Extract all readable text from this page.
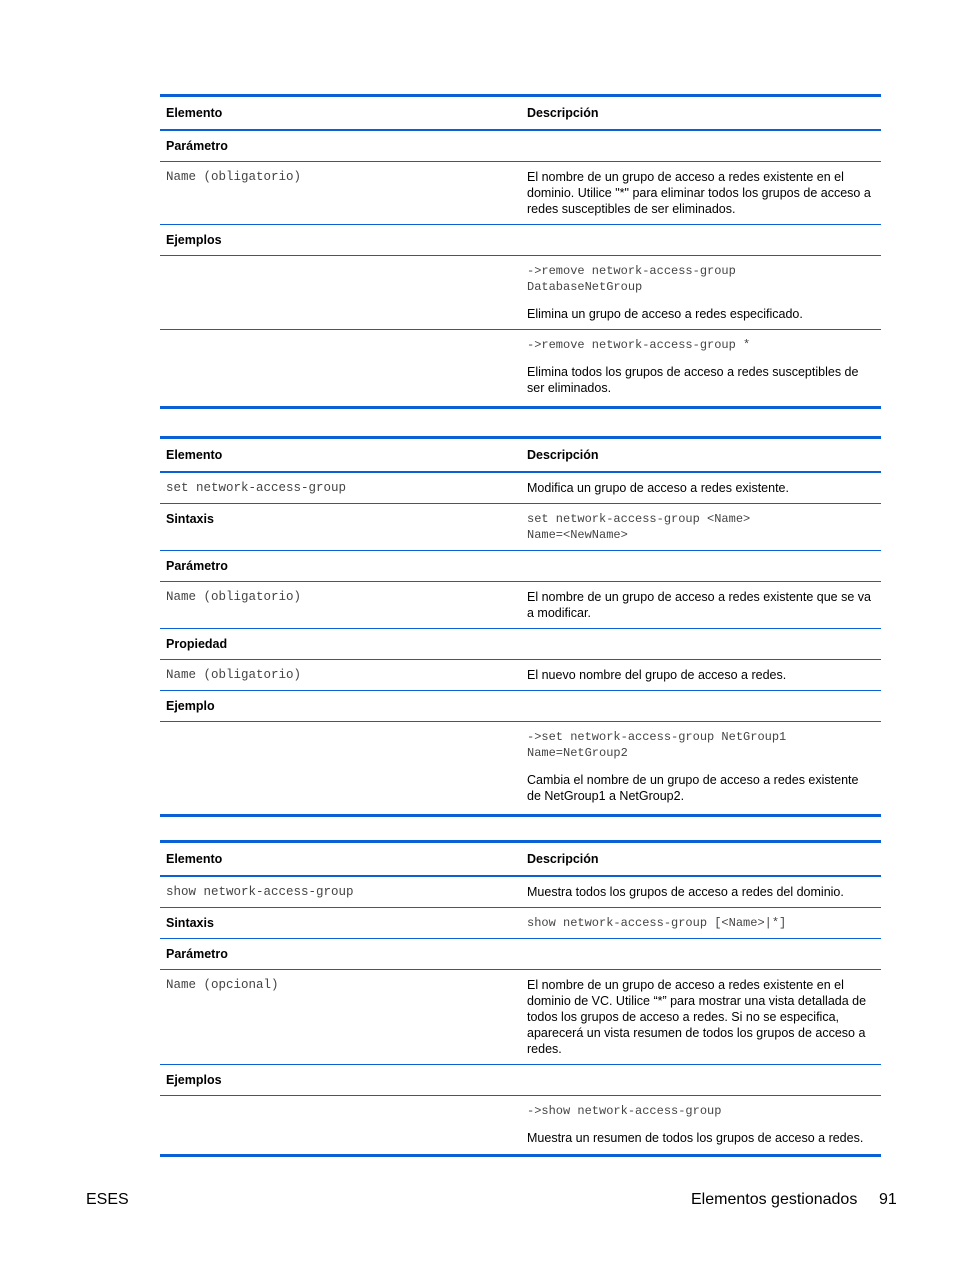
Elemento	Descripción
Parámetro	
Name (obligatorio)	El nombre de un grupo de acceso a redes existente en el dominio. Utilice "*" para eliminar todos los grupos de acceso a redes susceptibles de ser eliminados.
Ejemplos	

	->remove network-access-group
DatabaseNetGroup
Elimina un grupo de acceso a redes especificado.

	->remove network-access-group *
Elimina todos los grupos de acceso a redes susceptibles de ser eliminados.
Elemento	Descripción
set network-access-group	Modifica un grupo de acceso a redes existente.
Sintaxis	set network-access-group <Name>
Name=<NewName>

Parámetro	
Name (obligatorio)	El nombre de un grupo de acceso a redes existente que se va a modificar.
Propiedad	
Name (obligatorio)	El nuevo nombre del grupo de acceso a redes.
Ejemplo	

	->set network-access-group NetGroup1
Name=NetGroup2
Cambia el nombre de un grupo de acceso a redes existente de NetGroup1 a NetGroup2.
Elemento	Descripción
show network-access-group	Muestra todos los grupos de acceso a redes del dominio.
Sintaxis	show network-access-group [<Name>|*]

Parámetro	
Name (opcional)	El nombre de un grupo de acceso a redes existente en el dominio de VC. Utilice “*” para mostrar una vista detallada de todos los grupos de acceso a redes. Si no se especifica, aparecerá un vista resumen de todos los grupos de acceso a redes.
Ejemplos	

	->show network-access-group
Muestra un resumen de todos los grupos de acceso a redes.
ESES	Elementos gestionados 91
